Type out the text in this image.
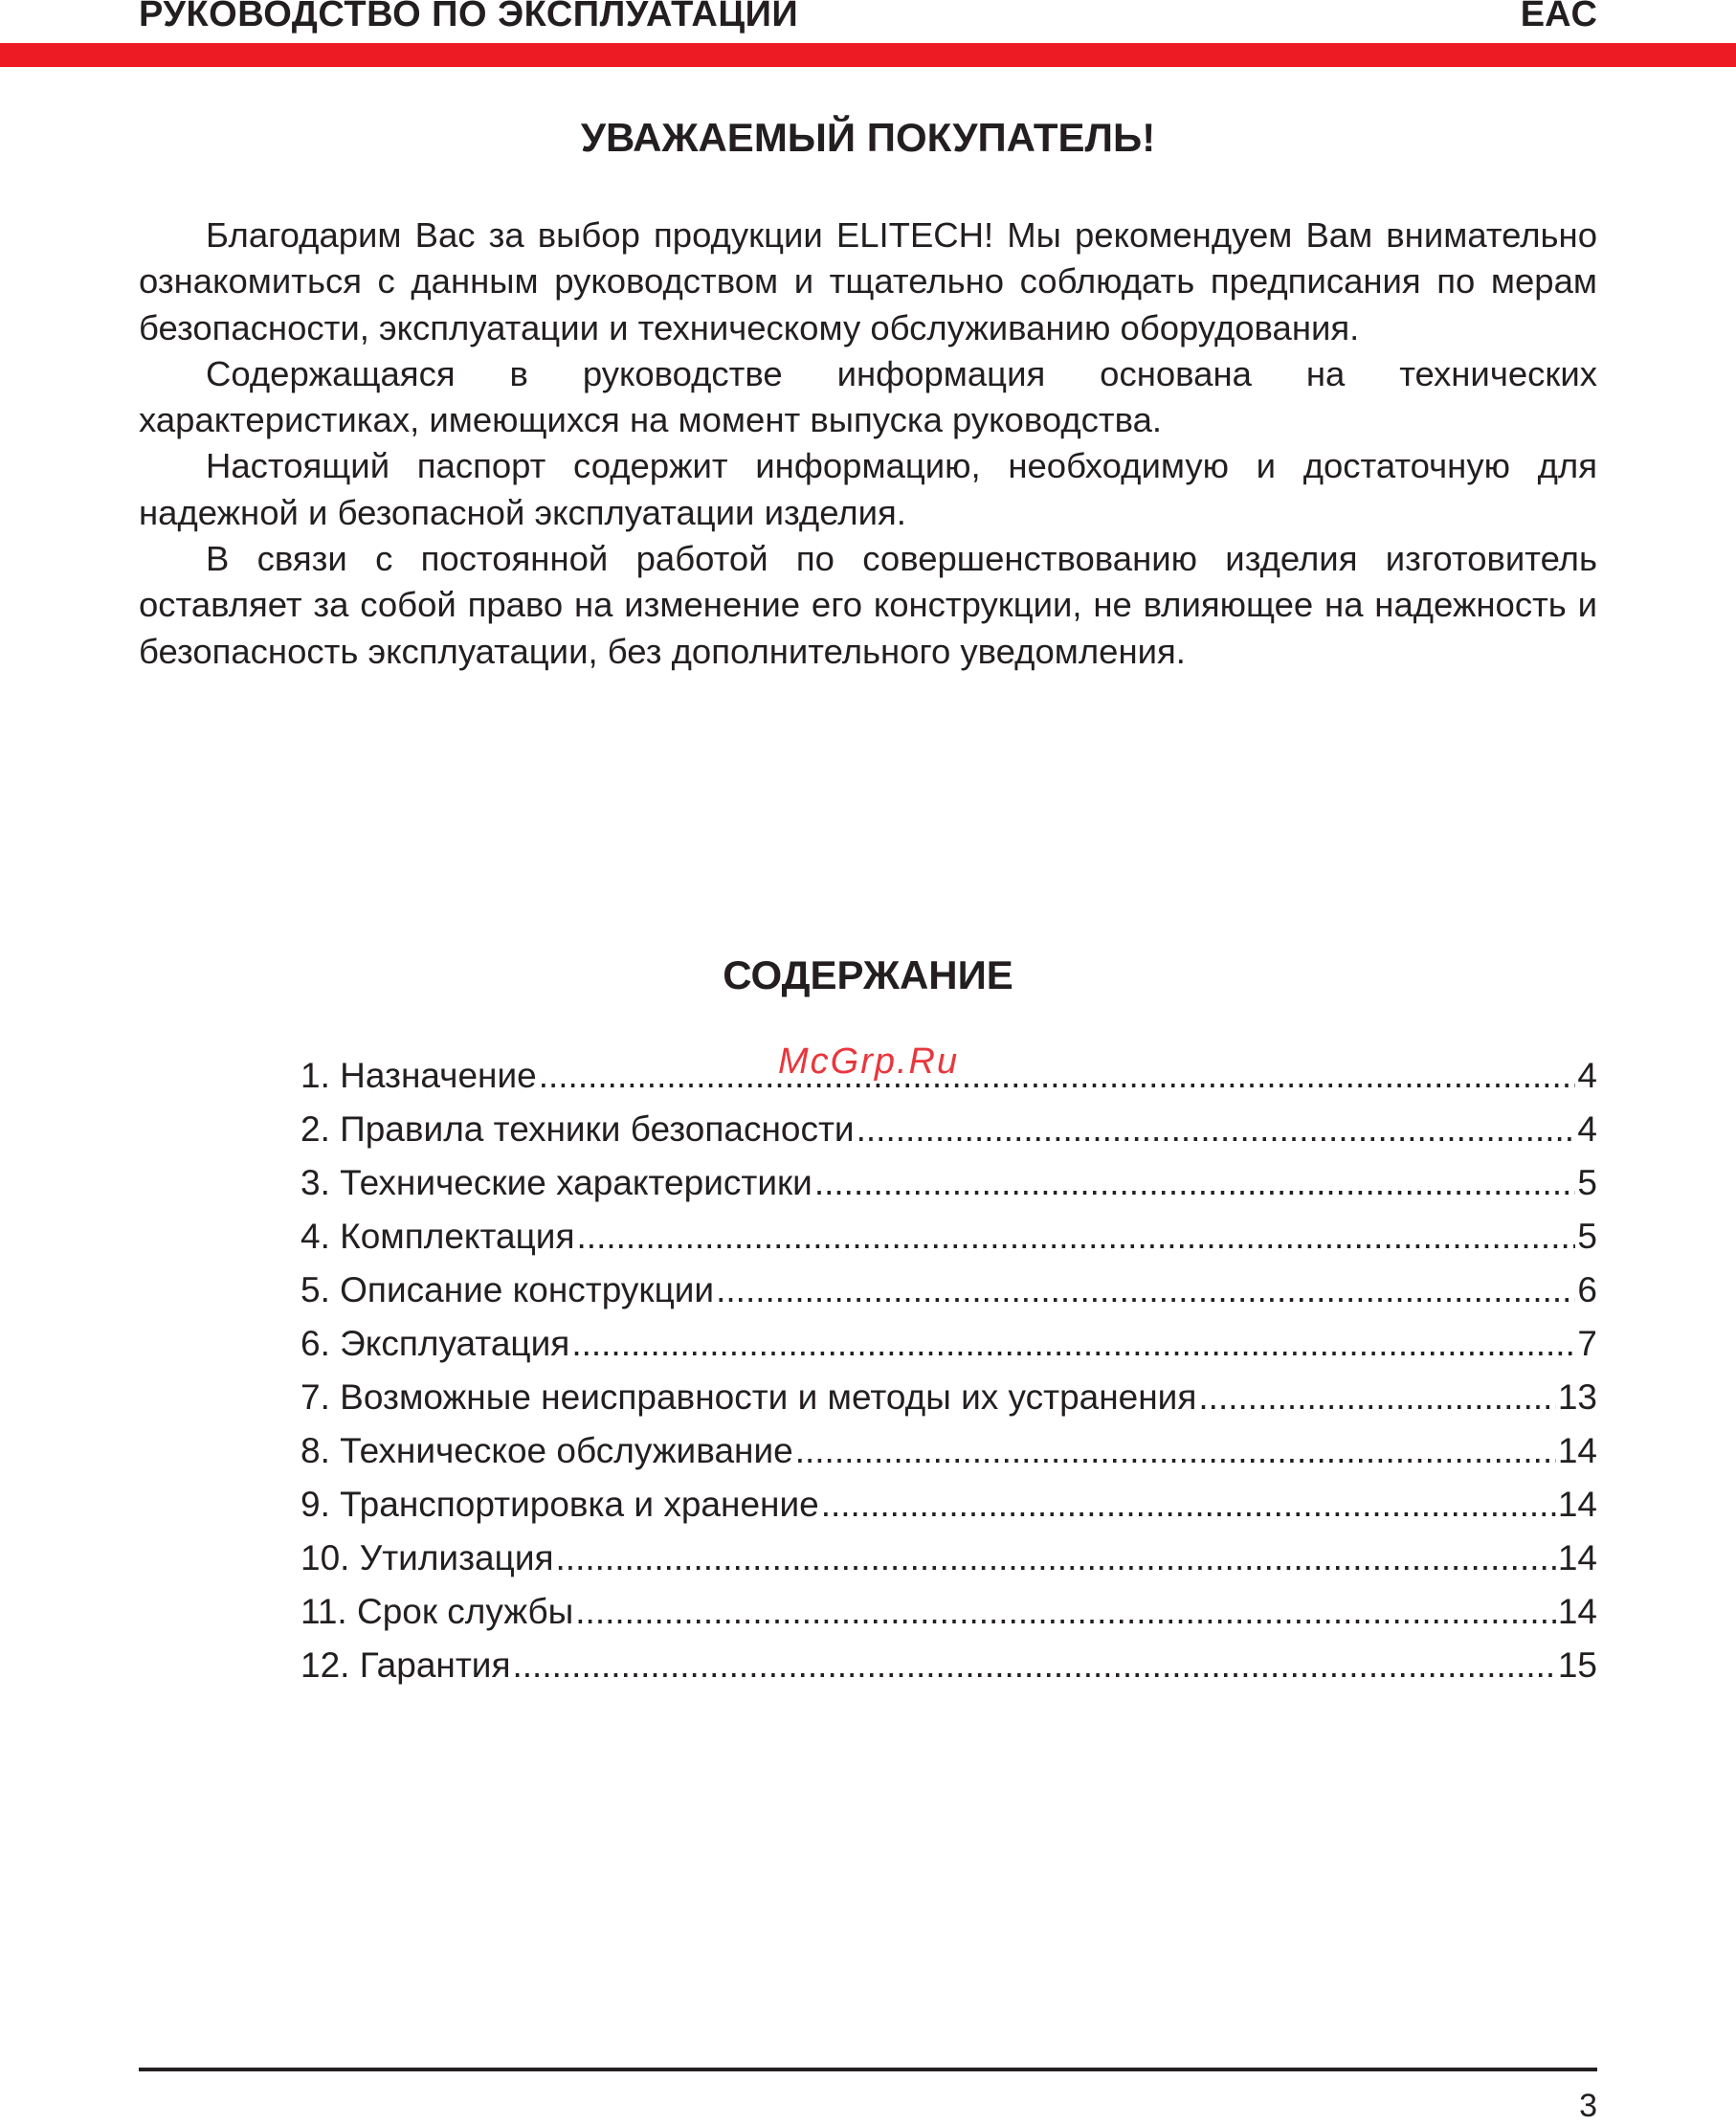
РУКОВОДСТВО ПО ЭКСПЛУАТАЦИИ	EAC
УВАЖАЕМЫЙ ПОКУПАТЕЛЬ!

Благодарим Вас за выбор продукции ELITECH! Мы рекомендуем Вам внимательно ознакомиться с данным руководством и тщательно соблюдать предписания по мерам безопасности, эксплуатации и техническому обслуживанию оборудования.

Содержащаяся в руководстве информация основана на технических характеристиках, имеющихся на момент выпуска руководства.

Настоящий паспорт содержит информацию, необходимую и достаточную для надежной и безопасной эксплуатации изделия.

В связи с постоянной работой по совершенствованию изделия изготовитель оставляет за собой право на изменение его конструкции, не влияющее на надежность и безопасность эксплуатации, без дополнительного уведомления.

СОДЕРЖАНИЕ
1. Назначение .....	4
2. Правила техники безопасности .....	4
3. Технические характеристики .....	5
4. Комплектация .....	5
5. Описание конструкции .....	6
6. Эксплуатация .....	7
7. Возможные неисправности и методы их устранения .....	13
8. Техническое обслуживание .....	14
9. Транспортировка и хранение .....	14
10. Утилизация .....	14
11. Срок службы .....	14
12. Гарантия .....	15
McGrp.Ru
3
